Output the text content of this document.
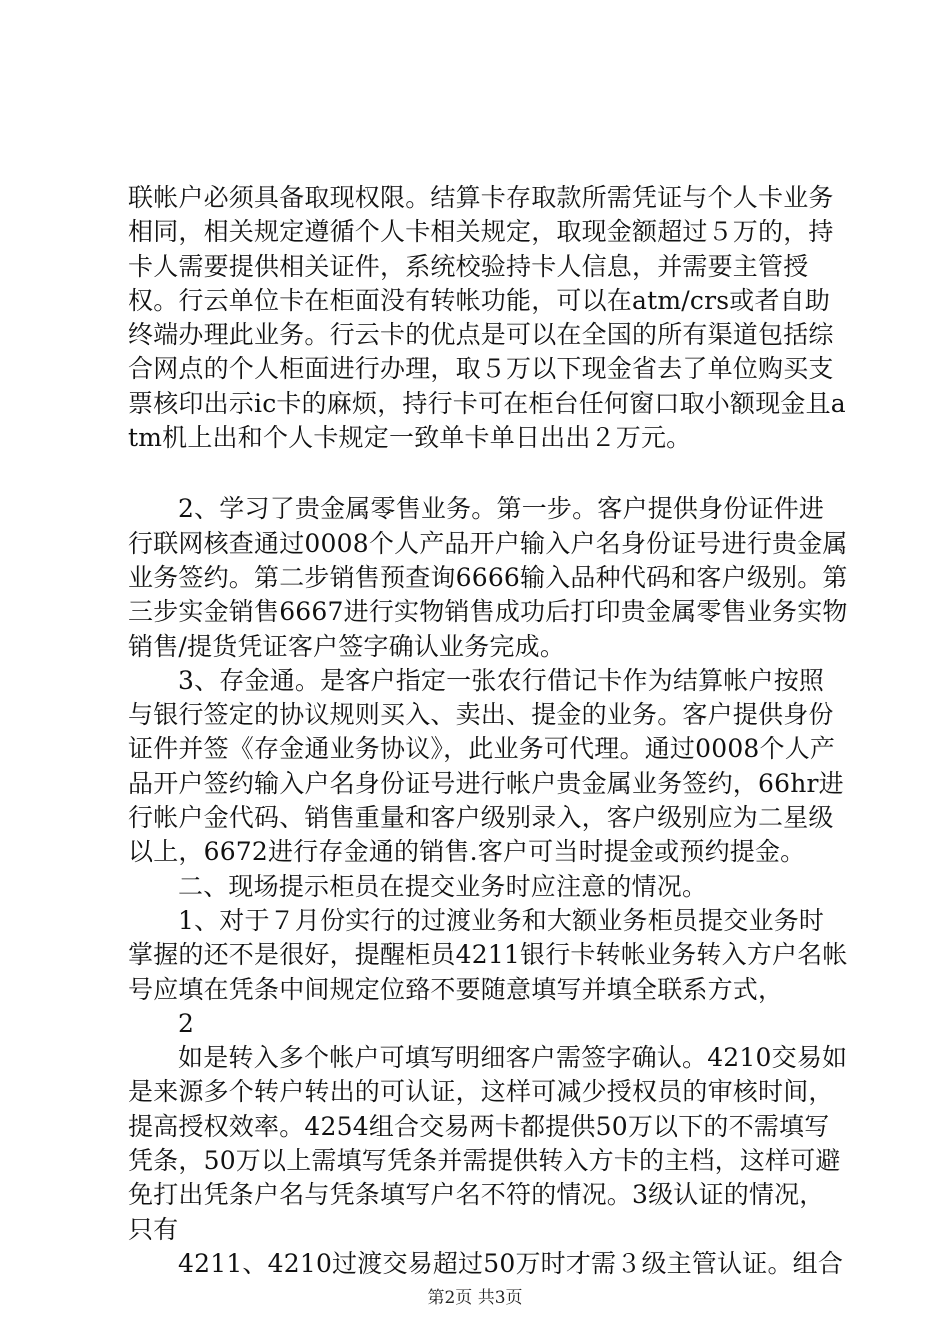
联帐户必须具备取现权限。结算卡存取款所需凭证与个人卡业务相同，相关规定遵循个人卡相关规定，取现金额超过５万的，持卡人需要提供相关证件，系统校验持卡人信息，并需要主管授权。行云单位卡在柜面没有转帐功能，可以在atm/crs或者自助终端办理此业务。行云卡的优点是可以在全国的所有渠道包括综合网点的个人柜面进行办理，取５万以下现金省去了单位购买支票核印出示ic卡的麻烦，持行卡可在柜台任何窗口取小额现金且atm机上出和个人卡规定一致单卡单日出出２万元。

2、学习了贵金属零售业务。第一步。客户提供身份证件进行联网核查通过0008个人产品开户输入户名身份证号进行贵金属业务签约。第二步销售预查询6666输入品种代码和客户级别。第三步实金销售6667进行实物销售成功后打印贵金属零售业务实物销售/提货凭证客户签字确认业务完成。

3、存金通。是客户指定一张农行借记卡作为结算帐户按照与银行签定的协议规则买入、卖出、提金的业务。客户提供身份证件并签《存金通业务协议》，此业务可代理。通过0008个人产品开户签约输入户名身份证号进行帐户贵金属业务签约，66hr进行帐户金代码、销售重量和客户级别录入，客户级别应为二星级以上，6672进行存金通的销售.客户可当时提金或预约提金。

二、现场提示柜员在提交业务时应注意的情况。

1、对于７月份实行的过渡业务和大额业务柜员提交业务时掌握的还不是很好，提醒柜员4211银行卡转帐业务转入方户名帐号应填在凭条中间规定位臵不要随意填写并填全联系方式，

2

如是转入多个帐户可填写明细客户需签字确认。4210交易如是来源多个转户转出的可认证，这样可减少授权员的审核时间，提高授权效率。4254组合交易两卡都提供50万以下的不需填写凭条，50万以上需填写凭条并需提供转入方卡的主档，这样可避免打出凭条户名与凭条填写户名不符的情况。3级认证的情况，只有

4211、4210过渡交易超过50万时才需３级主管认证。组合

第2页 共3页
